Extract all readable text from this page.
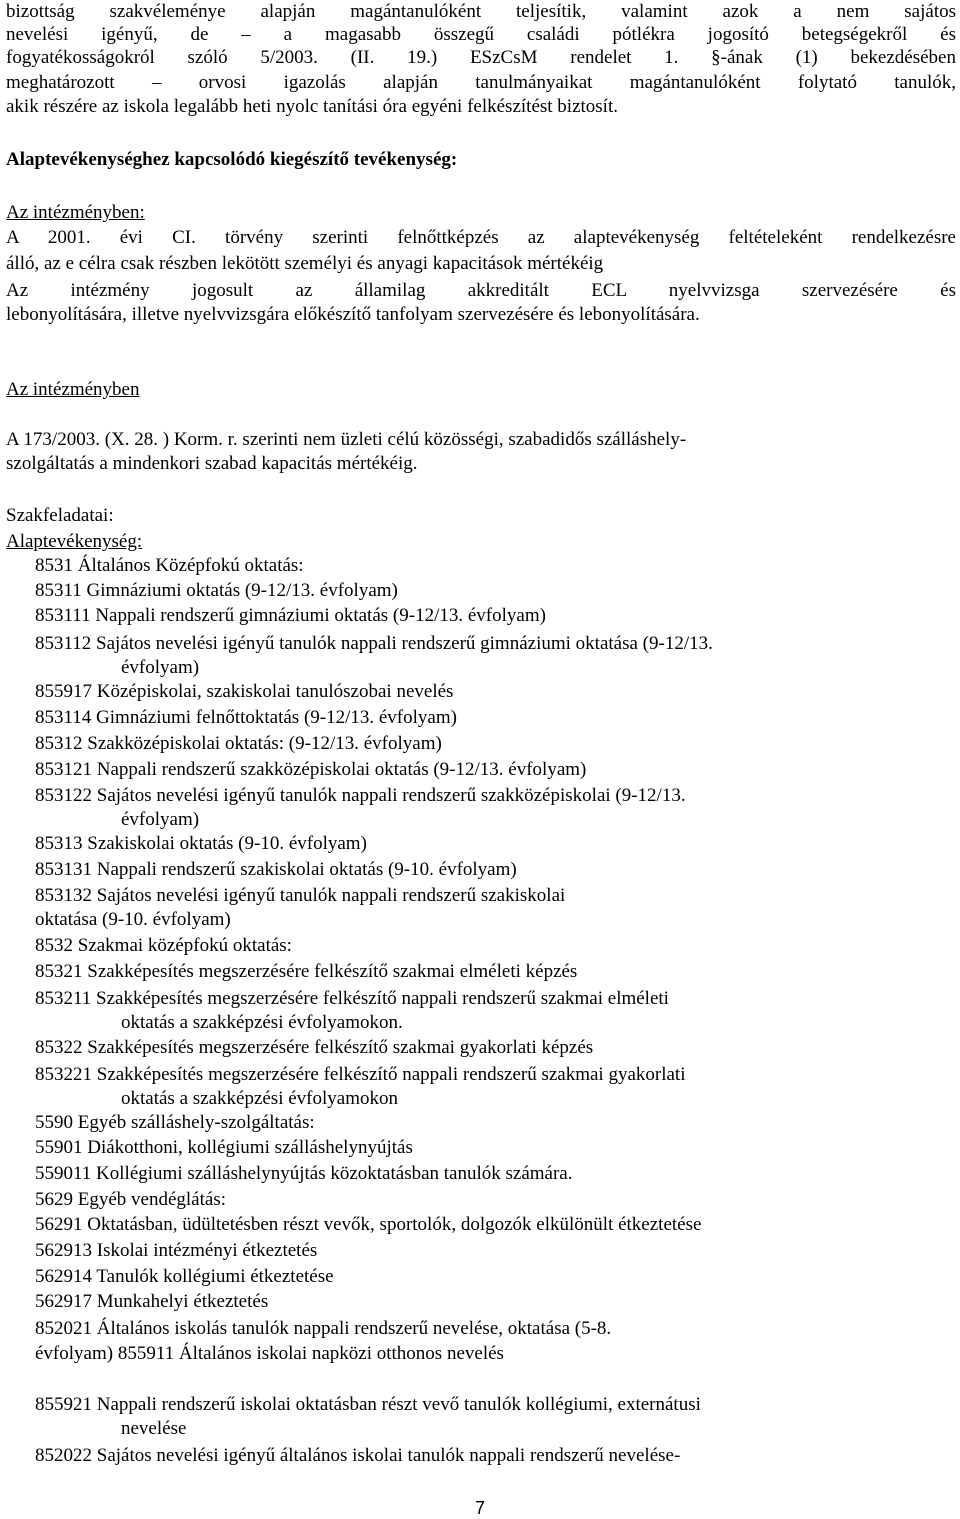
bizottság szakvéleménye alapján magántanulóként teljesítik, valamint azok a nem sajátos

nevelési igényű, de – a magasabb összegű családi pótlékra jogosító betegségekről és

fogyatékosságokról szóló 5/2003. (II. 19.) ESzCsM rendelet 1. §-ának (1) bekezdésében

meghatározott – orvosi igazolás alapján tanulmányaikat magántanulóként folytató tanulók,

akik részére az iskola legalább heti nyolc tanítási óra egyéni felkészítést biztosít.

Alaptevékenységhez kapcsolódó kiegészítő tevékenység:

Az intézményben:

A 2001. évi CI. törvény szerinti felnőttképzés az alaptevékenység feltételeként rendelkezésre

álló, az e célra csak részben lekötött személyi és anyagi kapacitások mértékéig

Az intézmény jogosult az államilag akkreditált ECL nyelvvizsga szervezésére és

lebonyolítására, illetve nyelvvizsgára előkészítő tanfolyam szervezésére és lebonyolítására.

Az intézményben

A 173/2003. (X. 28. ) Korm. r. szerinti nem üzleti célú közösségi, szabadidős szálláshely-

szolgáltatás a mindenkori szabad kapacitás mértékéig.

Szakfeladatai:

Alaptevékenység:

8531 Általános Középfokú oktatás:

85311 Gimnáziumi oktatás (9-12/13. évfolyam)

853111 Nappali rendszerű gimnáziumi oktatás (9-12/13. évfolyam)

853112 Sajátos nevelési igényű tanulók nappali rendszerű gimnáziumi oktatása (9-12/13.

évfolyam)

855917 Középiskolai, szakiskolai tanulószobai nevelés

853114 Gimnáziumi felnőttoktatás (9-12/13. évfolyam)

85312 Szakközépiskolai oktatás: (9-12/13. évfolyam)

853121 Nappali rendszerű szakközépiskolai oktatás (9-12/13. évfolyam)

853122 Sajátos nevelési igényű tanulók nappali rendszerű szakközépiskolai (9-12/13.

évfolyam)

85313 Szakiskolai oktatás (9-10. évfolyam)

853131 Nappali rendszerű szakiskolai oktatás (9-10. évfolyam)

853132 Sajátos nevelési igényű tanulók nappali rendszerű szakiskolai

oktatása (9-10. évfolyam)

8532 Szakmai középfokú oktatás:

85321 Szakképesítés megszerzésére felkészítő szakmai elméleti képzés

853211 Szakképesítés megszerzésére felkészítő nappali rendszerű szakmai elméleti

oktatás a szakképzési évfolyamokon.

85322 Szakképesítés megszerzésére felkészítő szakmai gyakorlati képzés

853221 Szakképesítés megszerzésére felkészítő nappali rendszerű szakmai gyakorlati

oktatás a szakképzési évfolyamokon

5590 Egyéb szálláshely-szolgáltatás:

55901 Diákotthoni, kollégiumi szálláshelynyújtás

559011 Kollégiumi szálláshelynyújtás közoktatásban tanulók számára.

5629 Egyéb vendéglátás:

56291 Oktatásban, üdültetésben részt vevők, sportolók, dolgozók elkülönült étkeztetése

562913 Iskolai intézményi étkeztetés

562914 Tanulók kollégiumi étkeztetése

562917 Munkahelyi étkeztetés

852021 Általános iskolás tanulók nappali rendszerű nevelése, oktatása (5-8.

évfolyam) 855911 Általános iskolai napközi otthonos nevelés

855921 Nappali rendszerű iskolai oktatásban részt vevő tanulók kollégiumi, externátusi

nevelése

852022 Sajátos nevelési igényű általános iskolai tanulók nappali rendszerű nevelése-

7
